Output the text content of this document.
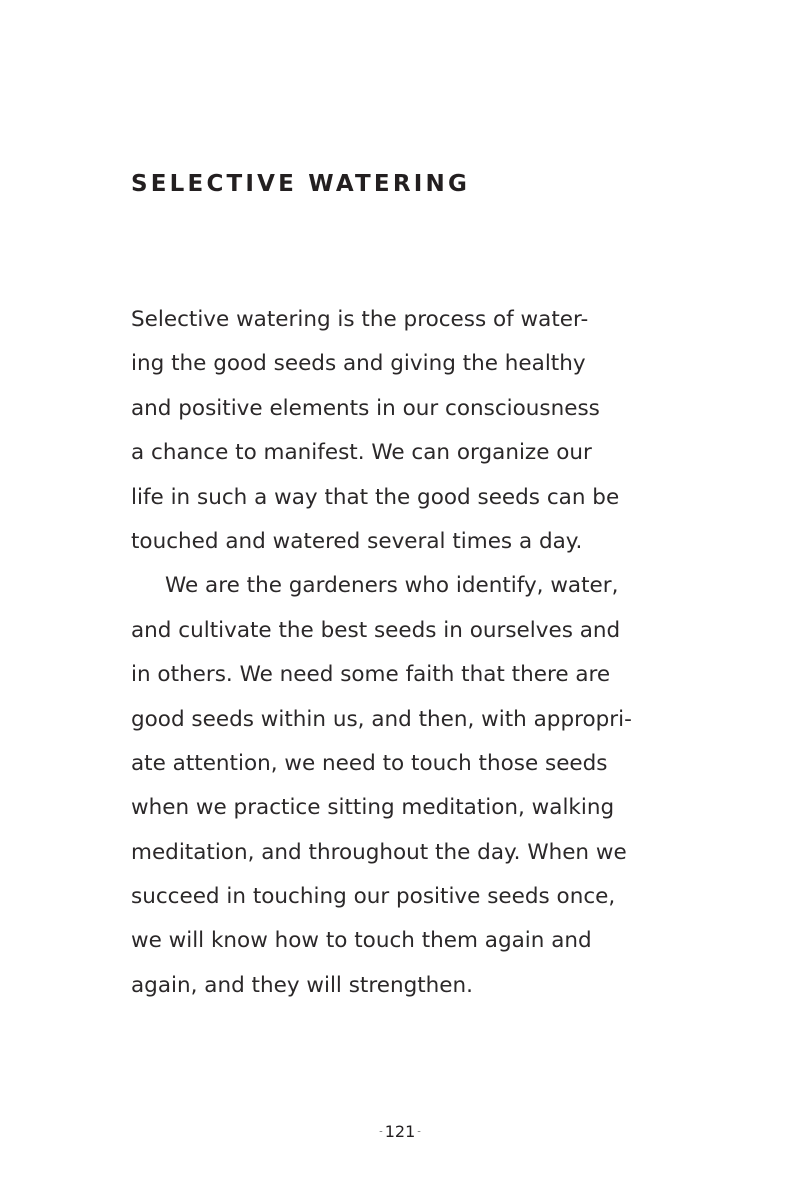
SELECTIVE WATERING
Selective watering is the process of water-
ing the good seeds and giving the healthy
and positive elements in our consciousness
a chance to manifest. We can organize our
life in such a way that the good seeds can be
touched and watered several times a day.
We are the gardeners who identify, water,
and cultivate the best seeds in ourselves and
in others. We need some faith that there are
good seeds within us, and then, with appropri-
ate attention, we need to touch those seeds
when we practice sitting meditation, walking
meditation, and throughout the day. When we
succeed in touching our positive seeds once,
we will know how to touch them again and
again, and they will strengthen.
- 121 -
